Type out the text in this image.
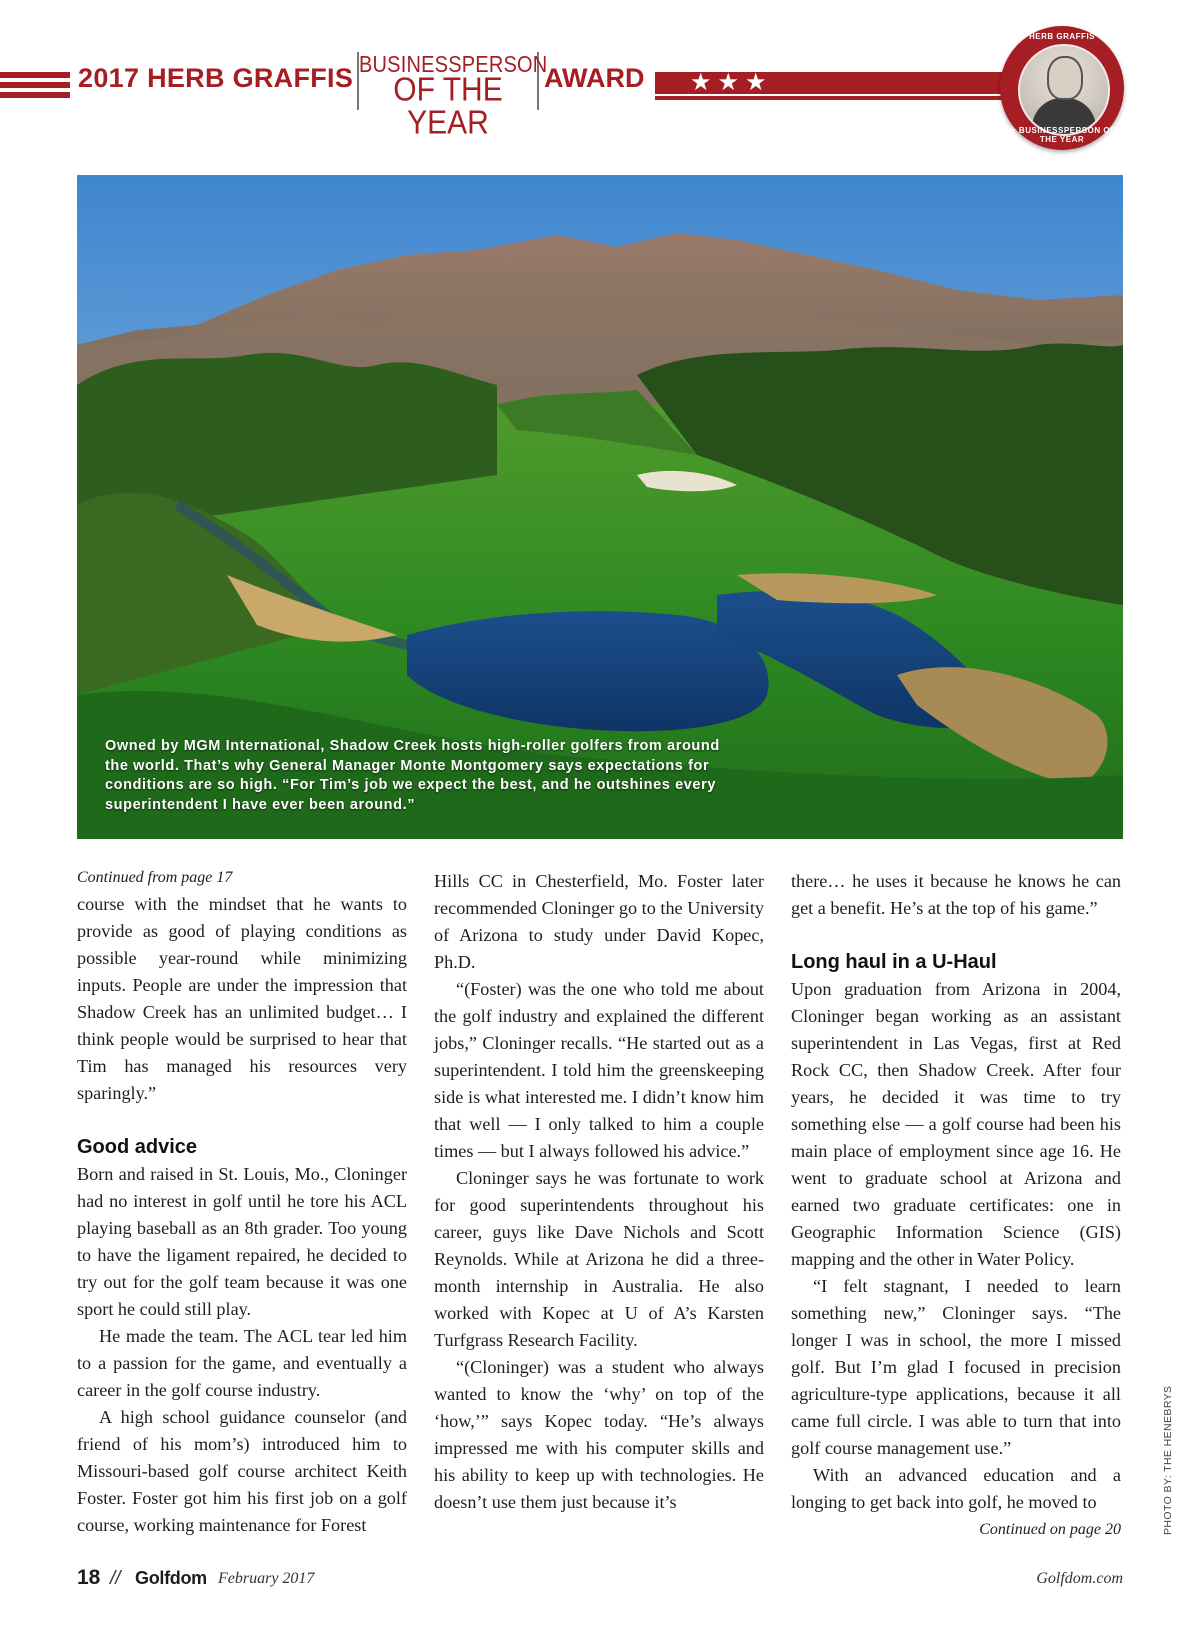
2017 HERB GRAFFIS BUSINESSPERSON
OF THE YEAR
AWARD ★★★
HERB GRAFFIS
★ BUSINESSPERSON OF THE YEAR
Owned by MGM International, Shadow Creek hosts high-roller golfers from around the world. That’s why General Manager Monte Montgomery says expectations for conditions are so high. “For Tim’s job we expect the best, and he outshines every superintendent I have ever been around.”

Continued from page 17

course with the mindset that he wants to provide as good of playing conditions as possible year-round while minimizing inputs. People are under the impression that Shadow Creek has an unlimited budget… I think people would be surprised to hear that Tim has managed his resources very sparingly.”

Good advice

Born and raised in St. Louis, Mo., Cloninger had no interest in golf until he tore his ACL playing baseball as an 8th grader. Too young to have the ligament repaired, he decided to try out for the golf team because it was one sport he could still play.

He made the team. The ACL tear led him to a passion for the game, and eventually a career in the golf course industry.

A high school guidance counselor (and friend of his mom’s) introduced him to Missouri-based golf course architect Keith Foster. Foster got him his first job on a golf course, working maintenance for Forest

Hills CC in Chesterfield, Mo. Foster later recommended Cloninger go to the University of Arizona to study under David Kopec, Ph.D.

“(Foster) was the one who told me about the golf industry and explained the different jobs,” Cloninger recalls. “He started out as a superintendent. I told him the greenskeeping side is what interested me. I didn’t know him that well — I only talked to him a couple times — but I always followed his advice.”

Cloninger says he was fortunate to work for good superintendents throughout his career, guys like Dave Nichols and Scott Reynolds. While at Arizona he did a three-month internship in Australia. He also worked with Kopec at U of A’s Karsten Turfgrass Research Facility.

“(Cloninger) was a student who always wanted to know the ‘why’ on top of the ‘how,’” says Kopec today. “He’s always impressed me with his computer skills and his ability to keep up with technologies. He doesn’t use them just because it’s

there… he uses it because he knows he can get a benefit. He’s at the top of his game.”

Long haul in a U-Haul

Upon graduation from Arizona in 2004, Cloninger began working as an assistant superintendent in Las Vegas, first at Red Rock CC, then Shadow Creek. After four years, he decided it was time to try something else — a golf course had been his main place of employment since age 16. He went to graduate school at Arizona and earned two graduate certificates: one in Geographic Information Science (GIS) mapping and the other in Water Policy.

“I felt stagnant, I needed to learn something new,” Cloninger says. “The longer I was in school, the more I missed golf. But I’m glad I focused in precision agriculture-type applications, because it all came full circle. I was able to turn that into golf course management use.”

With an advanced education and a longing to get back into golf, he moved to

Continued on page 20	PHOTO BY: THE HENEBRYS
18 // Golfdom February 2017	Golfdom.com
